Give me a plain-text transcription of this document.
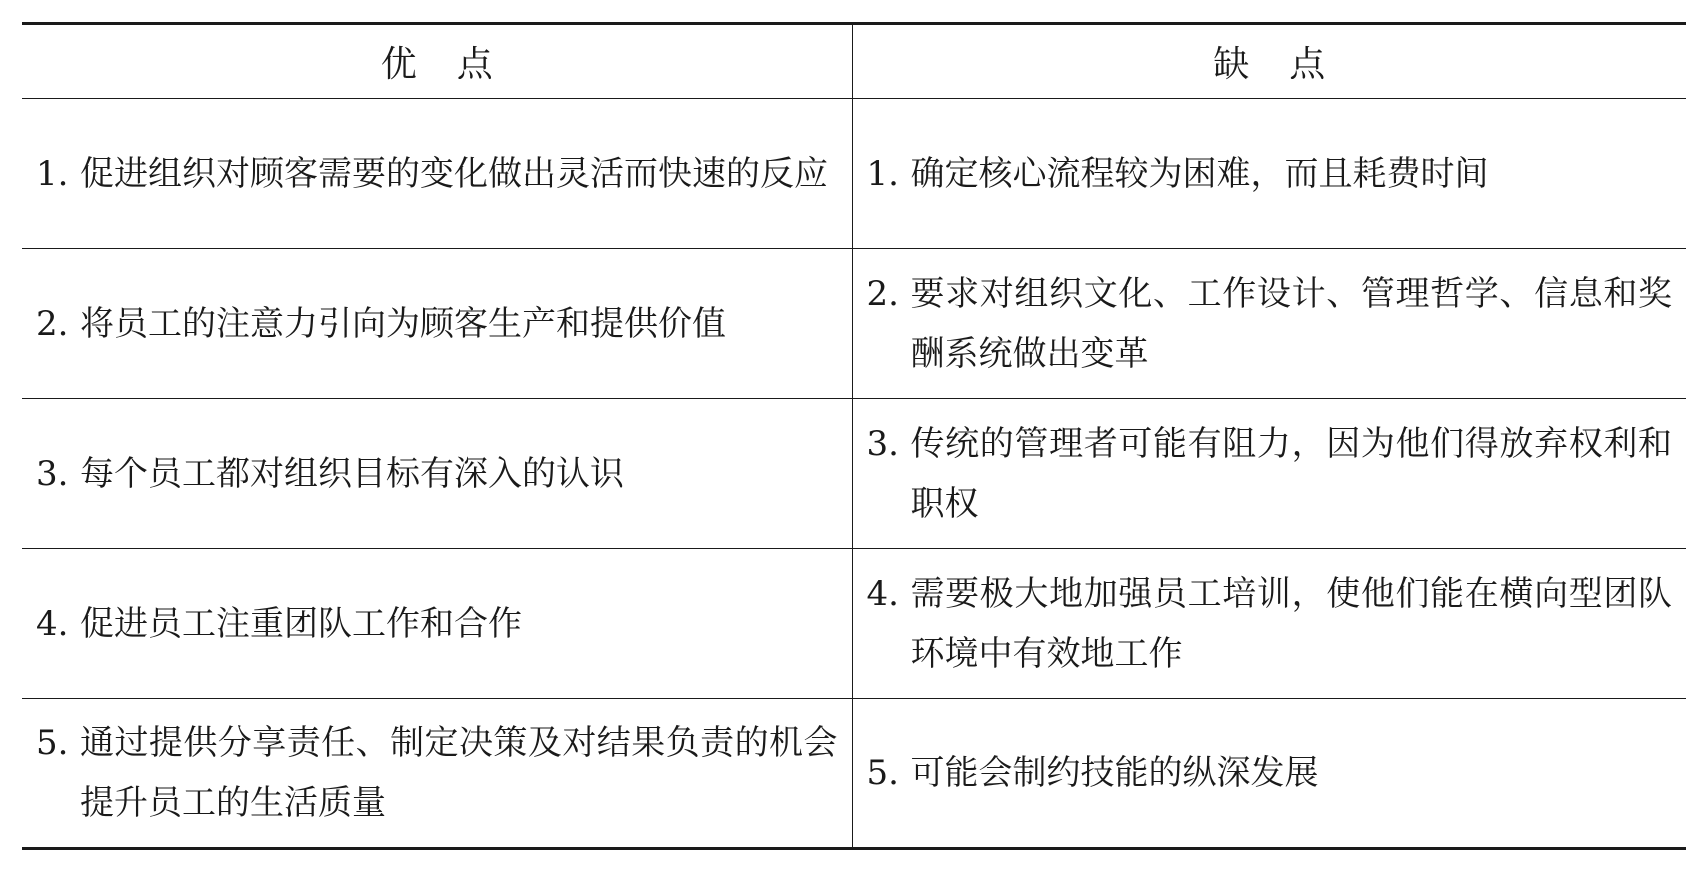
优 点	缺 点

1. 促进组织对顾客需要的变化做出灵活而快速的反应	1. 确定核心流程较为困难，而且耗费时间

2. 将员工的注意力引向为顾客生产和提供价值	2. 要求对组织文化、工作设计、管理哲学、信息和奖酬系统做出变革

3. 每个员工都对组织目标有深入的认识	3. 传统的管理者可能有阻力，因为他们得放弃权利和职权

4. 促进员工注重团队工作和合作	4. 需要极大地加强员工培训，使他们能在横向型团队环境中有效地工作

5. 通过提供分享责任、制定决策及对结果负责的机会提升员工的生活质量	5. 可能会制约技能的纵深发展
